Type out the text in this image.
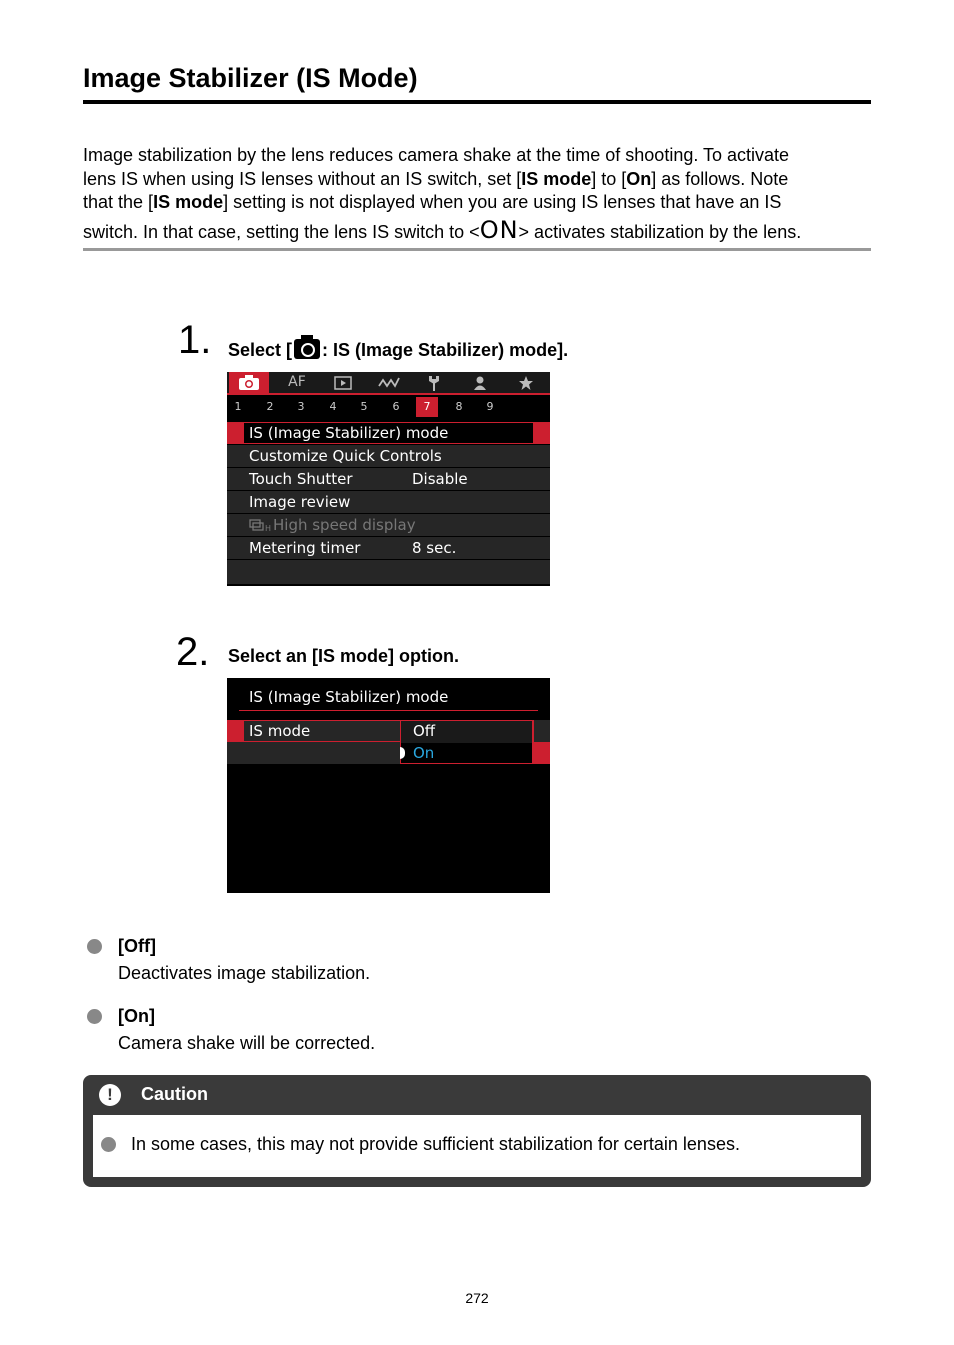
Image Stabilizer (IS Mode)
Image stabilization by the lens reduces camera shake at the time of shooting. To activate
lens IS when using IS lenses without an IS switch, set [IS mode] to [On] as follows. Note
that the [IS mode] setting is not displayed when you are using IS lenses that have an IS
switch. In that case, setting the lens IS switch to <ON> activates stabilization by the lens.
1. Select [ : IS (Image Stabilizer) mode].
AF
1	2	3	4	5	6	7	8	9
IS (Image Stabilizer) mode
Customize Quick Controls
Touch Shutter	Disable
Image review
H High speed display
Metering timer	8 sec.
2. Select an [IS mode] option.
IS (Image Stabilizer) mode
IS mode	Off
On
[Off]
Deactivates image stabilization.
[On]
Camera shake will be corrected.
!	Caution
In some cases, this may not provide sufficient stabilization for certain lenses.
272
